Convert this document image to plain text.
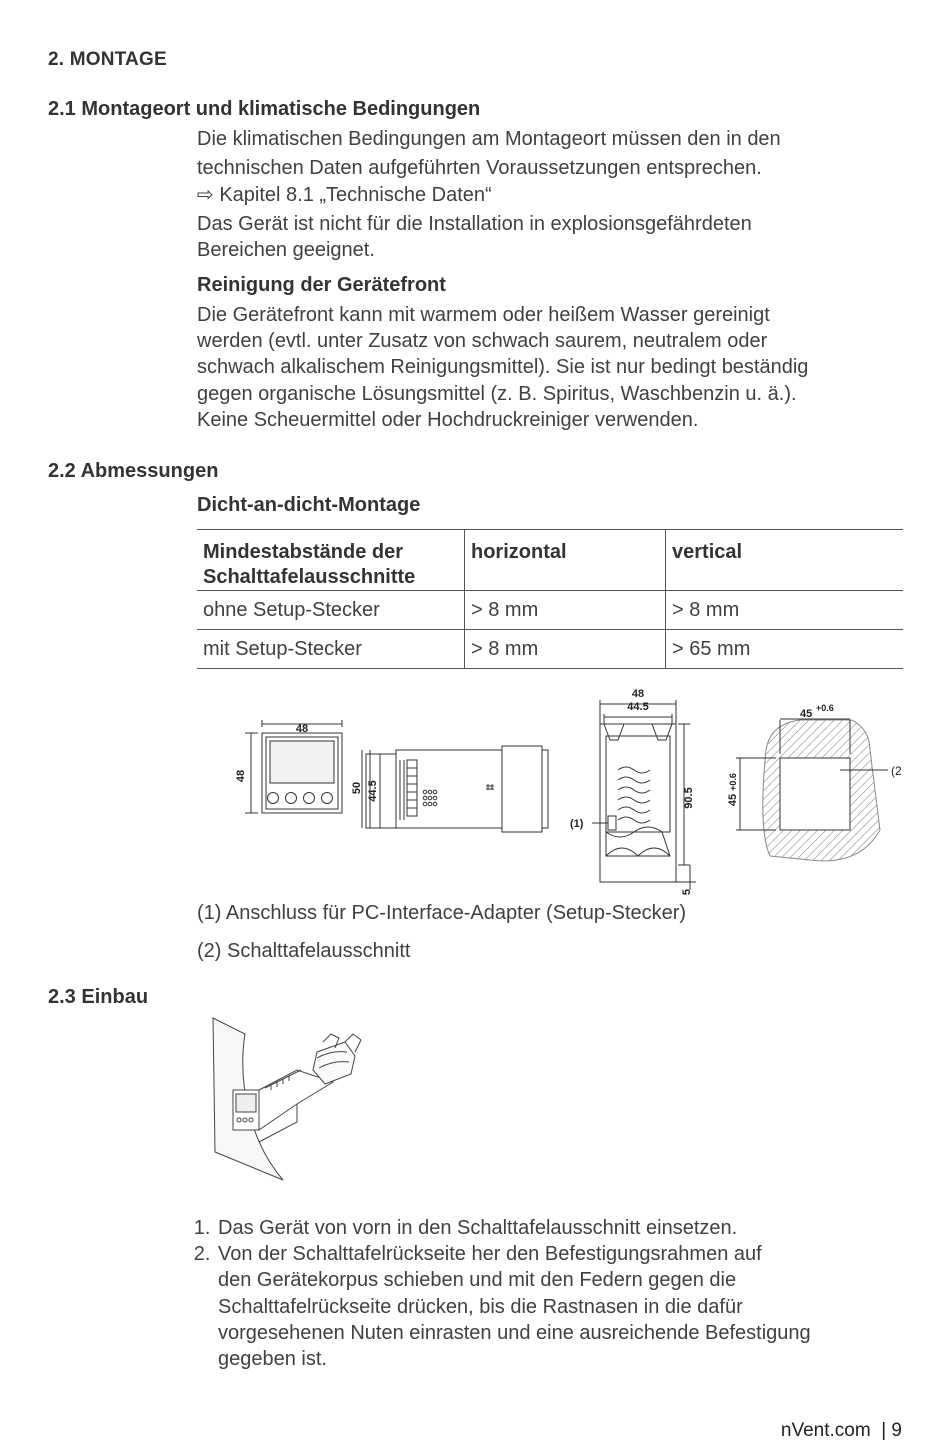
2. MONTAGE
2.1 Montageort und klimatische Bedingungen
Die klimatischen Bedingungen am Montageort müssen den in den
technischen Daten aufgeführten Voraussetzungen entsprechen.
⇨ Kapitel 8.1 „Technische Daten“
Das Gerät ist nicht für die Installation in explosionsgefährdeten
Bereichen geeignet.
Reinigung der Gerätefront
Die Gerätefront kann mit warmem oder heißem Wasser gereinigt
werden (evtl. unter Zusatz von schwach saurem, neutralem oder
schwach alkalischem Reinigungsmittel). Sie ist nur bedingt beständig
gegen organische Lösungsmittel (z. B. Spiritus, Waschbenzin u. ä.).
Keine Scheuermittel oder Hochdruckreiniger verwenden.
2.2 Abmessungen
Dicht-an-dicht-Montage
Mindestabstände der Schalttafelausschnitte	horizontal	vertical
ohne Setup-Stecker	> 8 mm	> 8 mm
mit Setup-Stecker	> 8 mm	> 65 mm
48
48
50 44.5
48
44.5
90.5
5
(1)
45 +0.6
45
+0.6
(2
(1) Anschluss für PC-Interface-Adapter (Setup-Stecker)
(2) Schalttafelausschnitt
2.3 Einbau
1. Das Gerät von vorn in den Schalttafelausschnitt einsetzen.
2. Von der Schalttafelrückseite her den Befestigungsrahmen auf
den Gerätekorpus schieben und mit den Federn gegen die
Schalttafelrückseite drücken, bis die Rastnasen in die dafür
vorgesehenen Nuten einrasten und eine ausreichende Befestigung
gegeben ist.
nVent.com  | 9
